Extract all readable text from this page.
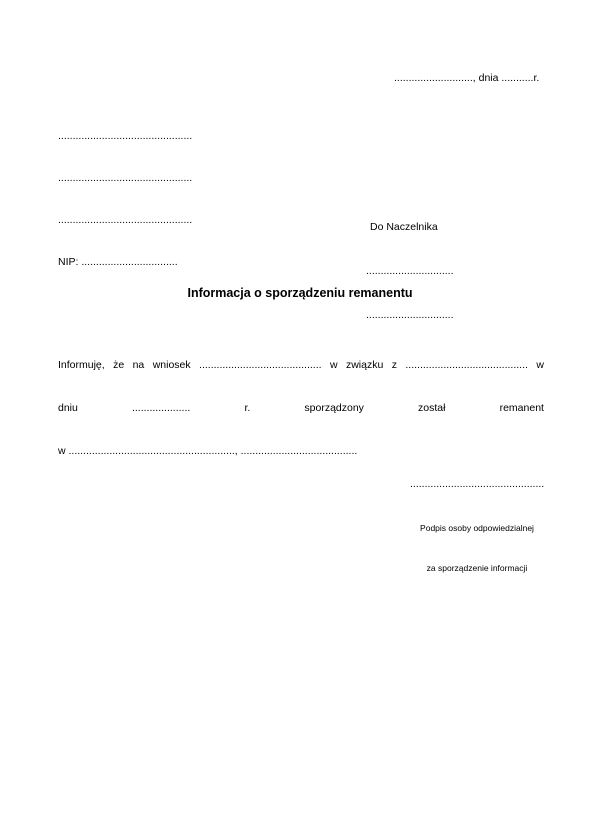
..........................., dnia ...........r.

..............................................

..............................................

..............................................

NIP: .................................

Do Naczelnika

..............................

..............................

Informacja o sporządzeniu remanentu

Informuję, że na wniosek .......................................... w związku z .......................................... w

dniu	....................	r.	sporządzony	został	remanent

w ........................................................., ........................................

..............................................

Podpis osoby odpowiedzialnej

za sporządzenie informacji
